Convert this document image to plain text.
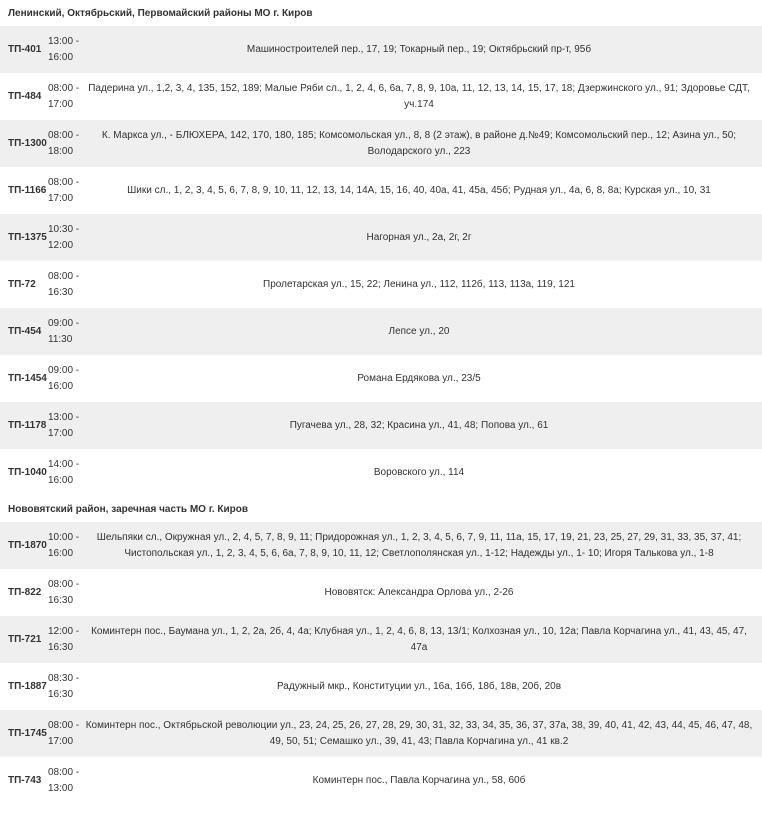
Ленинский, Октябрьский, Первомайский районы МО г. Киров
ТП-401
13:00 -
16:00
Машиностроителей пер., 17, 19; Токарный пер., 19; Октябрьский пр-т, 95б
ТП-484
08:00 -
17:00
Падерина ул., 1,2, 3, 4, 135, 152, 189; Малые Ряби сл., 1, 2, 4, 6, 6а, 7, 8, 9, 10а, 11, 12, 13, 14, 15, 17, 18; Дзержинского ул., 91; Здоровье СДТ, уч.174
ТП-1300
08:00 -
18:00
К. Маркса ул., - БЛЮХЕРА, 142, 170, 180, 185; Комсомольская ул., 8, 8 (2 этаж), в районе д.№49; Комсомольский пер., 12; Азина ул., 50; Володарского ул., 223
ТП-1166
08:00 -
17:00
Шики сл., 1, 2, 3, 4, 5, 6, 7, 8, 9, 10, 11, 12, 13, 14, 14А, 15, 16, 40, 40а, 41, 45а, 45б; Рудная ул., 4а, 6, 8, 8а; Курская ул., 10, 31
ТП-1375
10:30 -
12:00
Нагорная ул., 2а, 2г, 2г
ТП-72
08:00 -
16:30
Пролетарская ул., 15, 22; Ленина ул., 112, 112б, 113, 113а, 119, 121
ТП-454
09:00 -
11:30
Лепсе ул., 20
ТП-1454
09:00 -
16:00
Романа Ердякова ул., 23/5
ТП-1178
13:00 -
17:00
Пугачева ул., 28, 32; Красина ул., 41, 48; Попова ул., 61
ТП-1040
14:00 -
16:00
Воровского ул., 114
Нововятский район, заречная часть МО г. Киров
ТП-1870
10:00 -
16:00
Шельпяки сл., Окружная ул., 2, 4, 5, 7, 8, 9, 11; Придорожная ул., 1, 2, 3, 4, 5, 6, 7, 9, 11, 11а, 15, 17, 19, 21, 23, 25, 27, 29, 31, 33, 35, 37, 41; Чистопольская ул., 1, 2, 3, 4, 5, 6, 6а, 7, 8, 9, 10, 11, 12; Светлополянская ул., 1-12; Надежды ул., 1- 10; Игоря Талькова ул., 1-8
ТП-822
08:00 -
16:30
Нововятск: Александра Орлова ул., 2-26
ТП-721
12:00 -
16:30
Коминтерн пос., Баумана ул., 1, 2, 2а, 2б, 4, 4а; Клубная ул., 1, 2, 4, 6, 8, 13, 13/1; Колхозная ул., 10, 12а; Павла Корчагина ул., 41, 43, 45, 47, 47а
ТП-1887
08:30 -
16:30
Радужный мкр., Конституции ул., 16а, 16б, 18б, 18в, 20б, 20в
ТП-1745
08:00 -
17:00
Коминтерн пос., Октябрьской революции ул., 23, 24, 25, 26, 27, 28, 29, 30, 31, 32, 33, 34, 35, 36, 37, 37а, 38, 39, 40, 41, 42, 43, 44, 45, 46, 47, 48, 49, 50, 51; Семашко ул., 39, 41, 43; Павла Корчагина ул., 41 кв.2
ТП-743
08:00 -
13:00
Коминтерн пос., Павла Корчагина ул., 58, 60б
